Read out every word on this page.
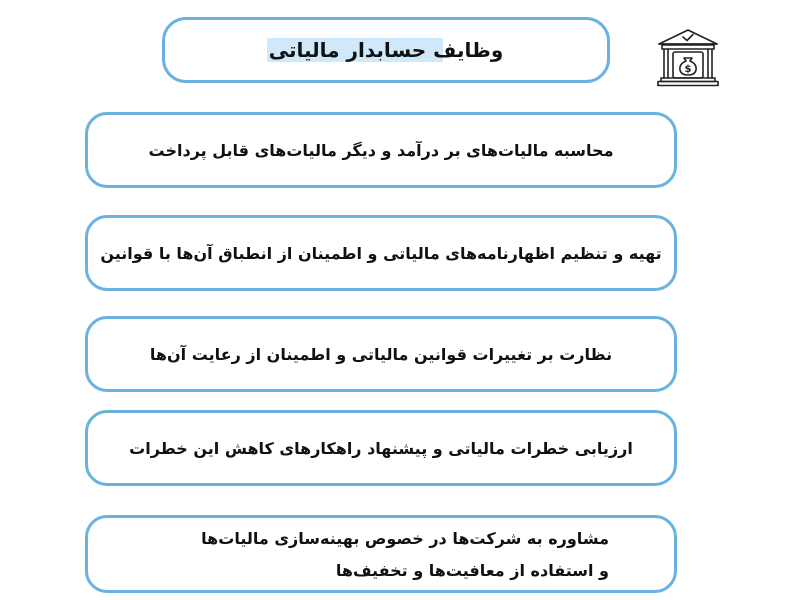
وظایف حسابدار مالیاتی
$
محاسبه مالیات‌های بر درآمد و دیگر مالیات‌های قابل پرداخت
تهیه و تنظیم اظهارنامه‌های مالیاتی و اطمینان از انطباق آن‌ها با قوانین
نظارت بر تغییرات قوانین مالیاتی و اطمینان از رعایت آن‌ها
ارزیابی خطرات مالیاتی و پیشنهاد راهکارهای کاهش این خطرات
مشاوره به شرکت‌ها در خصوص بهینه‌سازی مالیات‌ها
و استفاده از معافیت‌ها و تخفیف‌ها
